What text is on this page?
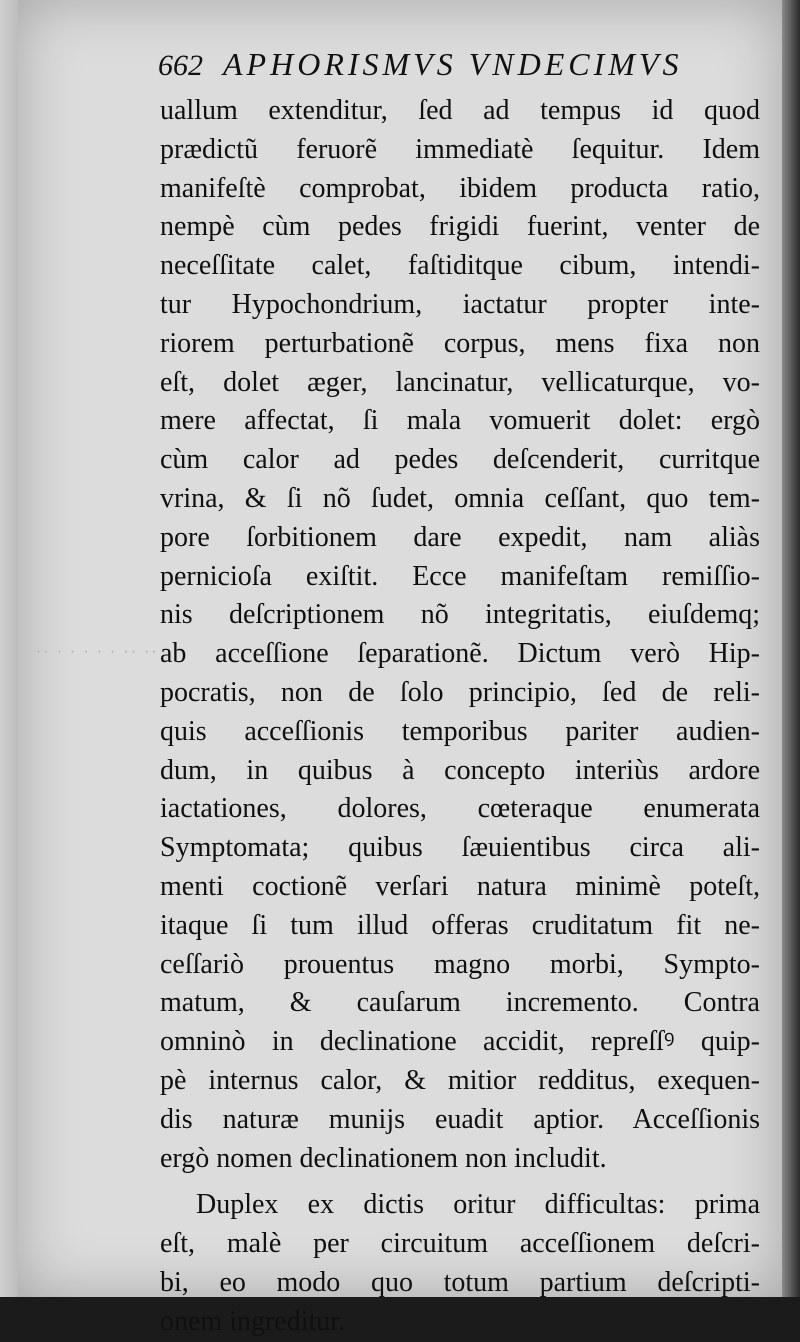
662 APHORISMVS VNDECIMVS
·· · · · · · ·· ··
uallum extenditur, ſed ad tempus id quod
prædictũ feruorẽ immediatè ſequitur. Idem
manifeſtè comprobat, ibidem producta ratio,
nempè cùm pedes frigidi fuerint, venter de
neceſſitate calet, faſtiditque cibum, intendi-
tur Hypochondrium, iactatur propter inte-
riorem perturbationẽ corpus, mens fixa non
eſt, dolet æger, lancinatur, vellicaturque, vo-
mere affectat, ſi mala vomuerit dolet: ergò
cùm calor ad pedes deſcenderit, curritque
vrina, & ſi nõ ſudet, omnia ceſſant, quo tem-
pore ſorbitionem dare expedit, nam aliàs
pernicioſa exiſtit. Ecce manifeſtam remiſſio-
nis deſcriptionem nõ integritatis, eiuſdemq;
ab acceſſione ſeparationẽ. Dictum verò Hip-
pocratis, non de ſolo principio, ſed de reli-
quis acceſſionis temporibus pariter audien-
dum, in quibus à concepto interiùs ardore
iactationes, dolores, cœteraque enumerata
Symptomata; quibus ſæuientibus circa ali-
menti coctionẽ verſari natura minimè poteſt,
itaque ſi tum illud offeras cruditatum fit ne-
ceſſariò prouentus magno morbi, Sympto-
matum, & cauſarum incremento. Contra
omninò in declinatione accidit, repreſſꝰ quip-
pè internus calor, & mitior redditus, exequen-
dis naturæ munijs euadit aptior. Acceſſionis
ergò nomen declinationem non includit.
Duplex ex dictis oritur difficultas: prima
eſt, malè per circuitum acceſſionem deſcri-
bi, eo modo quo totum partium deſcripti-
onem ingreditur.
